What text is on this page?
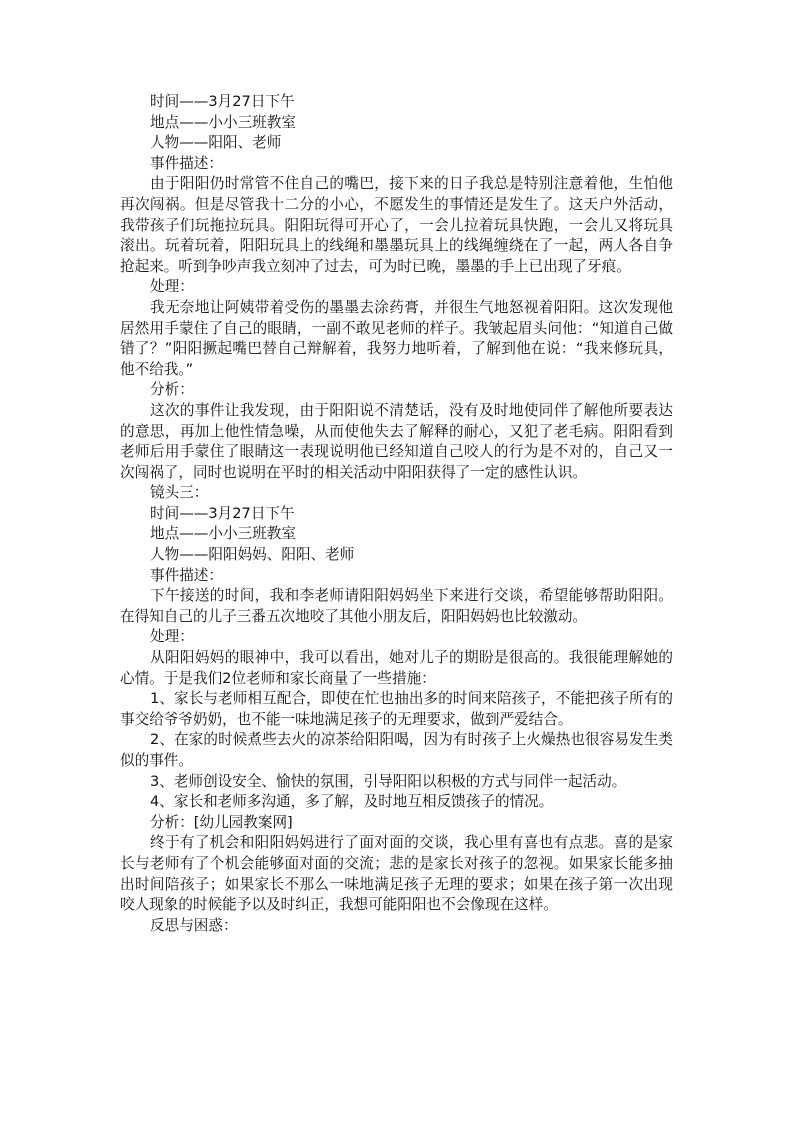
时间——3月27日下午

地点——小小三班教室

人物——阳阳、老师

事件描述：

由于阳阳仍时常管不住自己的嘴巴，接下来的日子我总是特别注意着他，生怕他再次闯祸。但是尽管我十二分的小心，不愿发生的事情还是发生了。这天户外活动，我带孩子们玩拖拉玩具。阳阳玩得可开心了，一会儿拉着玩具快跑，一会儿又将玩具滚出。玩着玩着，阳阳玩具上的线绳和墨墨玩具上的线绳缠绕在了一起，两人各自争抢起来。听到争吵声我立刻冲了过去，可为时已晚，墨墨的手上已出现了牙痕。

处理：

我无奈地让阿姨带着受伤的墨墨去涂药膏，并很生气地怒视着阳阳。这次发现他居然用手蒙住了自己的眼睛，一副不敢见老师的样子。我皱起眉头问他：“知道自己做错了？”阳阳撅起嘴巴替自己辩解着，我努力地听着，了解到他在说：“我来修玩具，他不给我。”

分析：

这次的事件让我发现，由于阳阳说不清楚话，没有及时地使同伴了解他所要表达的意思，再加上他性情急噪，从而使他失去了解释的耐心，又犯了老毛病。阳阳看到老师后用手蒙住了眼睛这一表现说明他已经知道自己咬人的行为是不对的，自己又一次闯祸了，同时也说明在平时的相关活动中阳阳获得了一定的感性认识。

镜头三：

时间——3月27日下午

地点——小小三班教室

人物——阳阳妈妈、阳阳、老师

事件描述：

下午接送的时间，我和李老师请阳阳妈妈坐下来进行交谈，希望能够帮助阳阳。在得知自己的儿子三番五次地咬了其他小朋友后，阳阳妈妈也比较激动。

处理：

从阳阳妈妈的眼神中，我可以看出，她对儿子的期盼是很高的。我很能理解她的心情。于是我们2位老师和家长商量了一些措施：

1、家长与老师相互配合，即使在忙也抽出多的时间来陪孩子，不能把孩子所有的事交给爷爷奶奶，也不能一味地满足孩子的无理要求，做到严爱结合。

2、在家的时候煮些去火的凉茶给阳阳喝，因为有时孩子上火燥热也很容易发生类似的事件。

3、老师创设安全、愉快的氛围，引导阳阳以积极的方式与同伴一起活动。

4、家长和老师多沟通，多了解，及时地互相反馈孩子的情况。

分析：[幼儿园教案网]

终于有了机会和阳阳妈妈进行了面对面的交谈，我心里有喜也有点悲。喜的是家长与老师有了个机会能够面对面的交流；悲的是家长对孩子的忽视。如果家长能多抽出时间陪孩子；如果家长不那么一味地满足孩子无理的要求；如果在孩子第一次出现咬人现象的时候能予以及时纠正，我想可能阳阳也不会像现在这样。

反思与困惑：
